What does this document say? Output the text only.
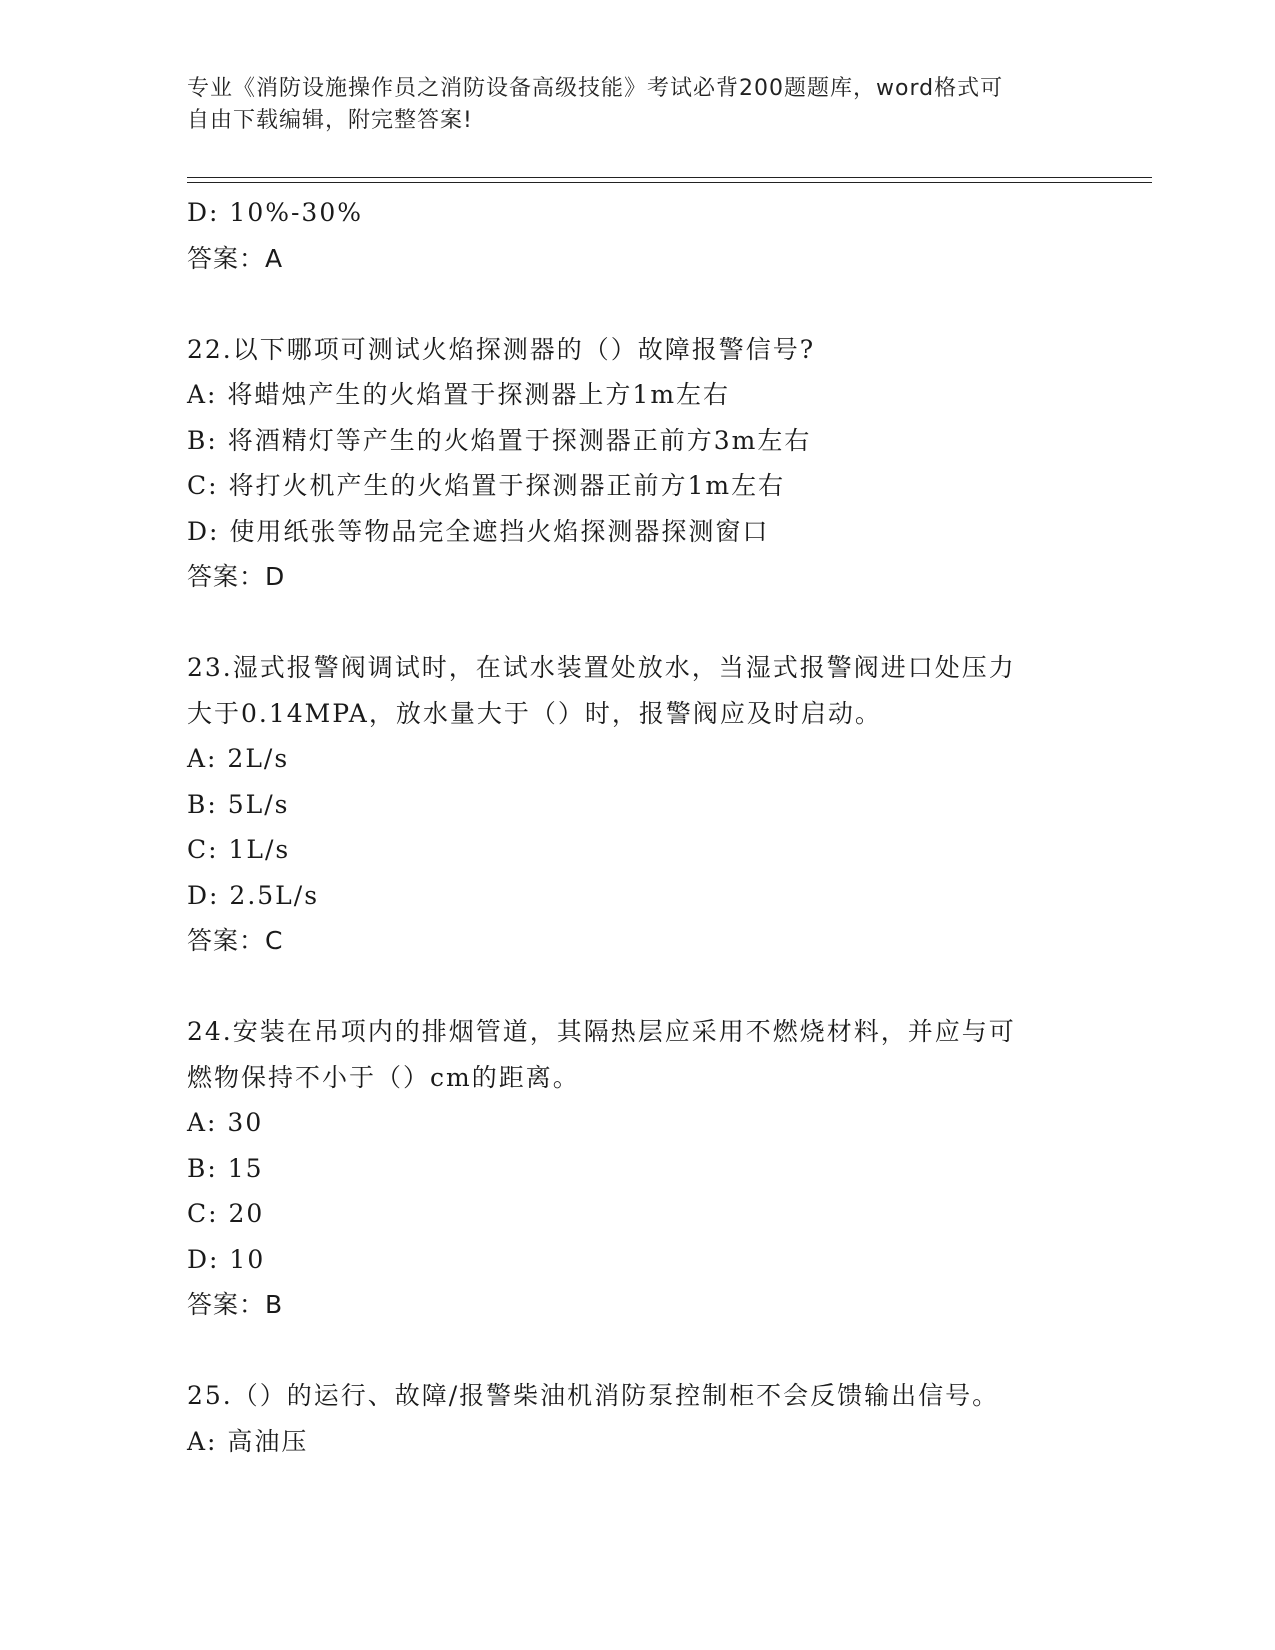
专业《消防设施操作员之消防设备高级技能》考试必背200题题库，word格式可
自由下载编辑，附完整答案!
D: 10%-30%
答案：A
22.以下哪项可测试火焰探测器的（）故障报警信号?
A: 将蜡烛产生的火焰置于探测器上方1m左右
B: 将酒精灯等产生的火焰置于探测器正前方3m左右
C: 将打火机产生的火焰置于探测器正前方1m左右
D: 使用纸张等物品完全遮挡火焰探测器探测窗口
答案：D
23.湿式报警阀调试时，在试水装置处放水，当湿式报警阀进口处压力
大于0.14MPA，放水量大于（）时，报警阀应及时启动。
A: 2L/s
B: 5L/s
C: 1L/s
D: 2.5L/s
答案：C
24.安装在吊项内的排烟管道，其隔热层应采用不燃烧材料，并应与可
燃物保持不小于（）cm的距离。
A: 30
B: 15
C: 20
D: 10
答案：B
25.（）的运行、故障/报警柴油机消防泵控制柜不会反馈输出信号。
A: 高油压
